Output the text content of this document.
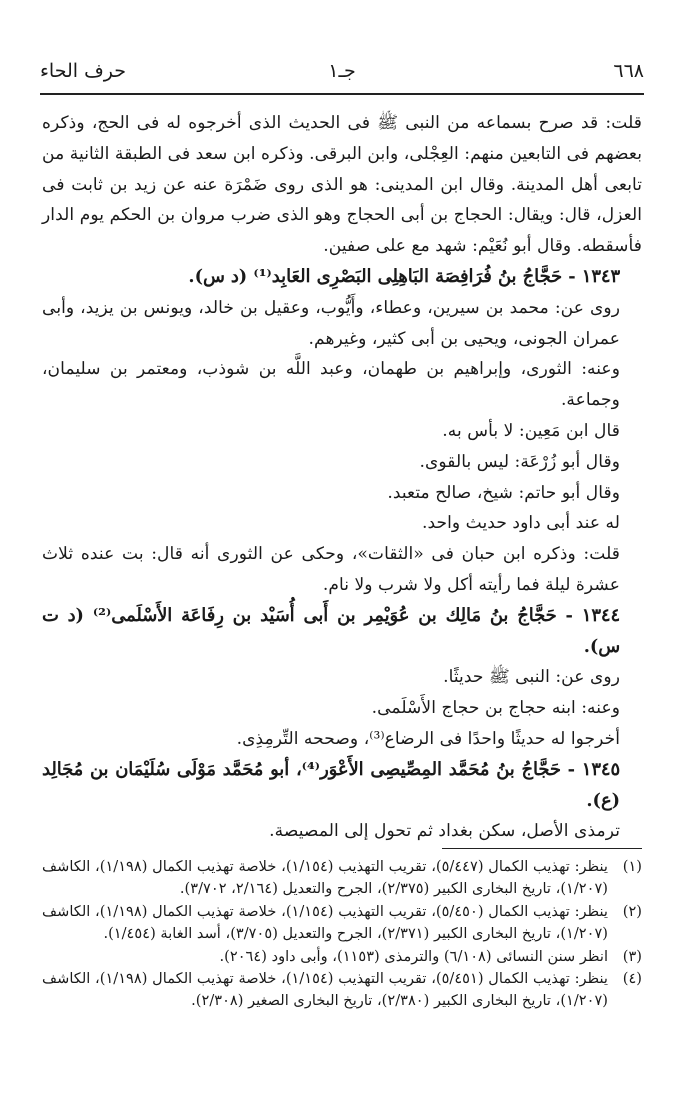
٦٦٨
جـ١
حرف الحاء

قلت: قد صرح بسماعه من النبى ﷺ فى الحديث الذى أخرجوه له فى الحج، وذكره بعضهم فى التابعين منهم: العِجْلى، وابن البرقى. وذكره ابن سعد فى الطبقة الثانية من تابعى أهل المدينة. وقال ابن المدينى: هو الذى روى ضَمْرَة عنه عن زيد بن ثابت فى العزل، قال: ويقال: الحجاج بن أبى الحجاج وهو الذى ضرب مروان بن الحكم يوم الدار فأسقطه. وقال أبو نُعَيْم: شهد مع على صفين.

١٣٤٣ - حَجَّاجُ بنُ فُرَافِصَة البَاهِلِى البَصْرِى العَابِد⁽¹⁾ (د س).

روى عن: محمد بن سيرين، وعطاء، وأَيُّوب، وعقيل بن خالد، ويونس بن يزيد، وأبى عمران الجونى، ويحيى بن أبى كثير، وغيرهم.

وعنه: الثورى، وإبراهيم بن طهمان، وعبد اللَّه بن شوذب، ومعتمر بن سليمان، وجماعة.

قال ابن مَعِين: لا بأس به.

وقال أبو زُرْعَة: ليس بالقوى.

وقال أبو حاتم: شيخ، صالح متعبد.

له عند أبى داود حديث واحد.

قلت: وذكره ابن حبان فى «الثقات»، وحكى عن الثورى أنه قال: بت عنده ثلاث عشرة ليلة فما رأيته أكل ولا شرب ولا نام.

١٣٤٤ - حَجَّاجُ بنُ مَالِك بن عُوَيْمِر بن أَبى أُسَيْد بن رِفَاعَة الأَسْلَمى⁽²⁾ (د ت س).

روى عن: النبى ﷺ حديثًا.

وعنه: ابنه حجاج بن حجاج الأَسْلَمى.

أخرجوا له حديثًا واحدًا فى الرضاع⁽³⁾، وصححه التِّرمِذِى.

١٣٤٥ - حَجَّاجُ بنُ مُحَمَّد المِصِّيصِى الأَعْوَر⁽⁴⁾، أبو مُحَمَّد مَوْلَى سُلَيْمَان بن مُجَالِد (ع).

ترمذى الأصل، سكن بغداد ثم تحول إلى المصيصة.

(١)
ينظر: تهذيب الكمال (٥/٤٤٧)، تقريب التهذيب (١/١٥٤)، خلاصة تهذيب الكمال (١/١٩٨)، الكاشف (١/٢٠٧)، تاريخ البخارى الكبير (٢/٣٧٥)، الجرح والتعديل (٢/١٦٤، ٣/٧٠٢).
(٢)
ينظر: تهذيب الكمال (٥/٤٥٠)، تقريب التهذيب (١/١٥٤)، خلاصة تهذيب الكمال (١/١٩٨)، الكاشف (١/٢٠٧)، تاريخ البخارى الكبير (٢/٣٧١)، الجرح والتعديل (٣/٧٠٥)، أسد الغابة (١/٤٥٤).
(٣)
انظر سنن النسائى (٦/١٠٨) والترمذى (١١٥٣)، وأبى داود (٢٠٦٤).
(٤)
ينظر: تهذيب الكمال (٥/٤٥١)، تقريب التهذيب (١/١٥٤)، خلاصة تهذيب الكمال (١/١٩٨)، الكاشف (١/٢٠٧)، تاريخ البخارى الكبير (٢/٣٨٠)، تاريخ البخارى الصغير (٢/٣٠٨).
